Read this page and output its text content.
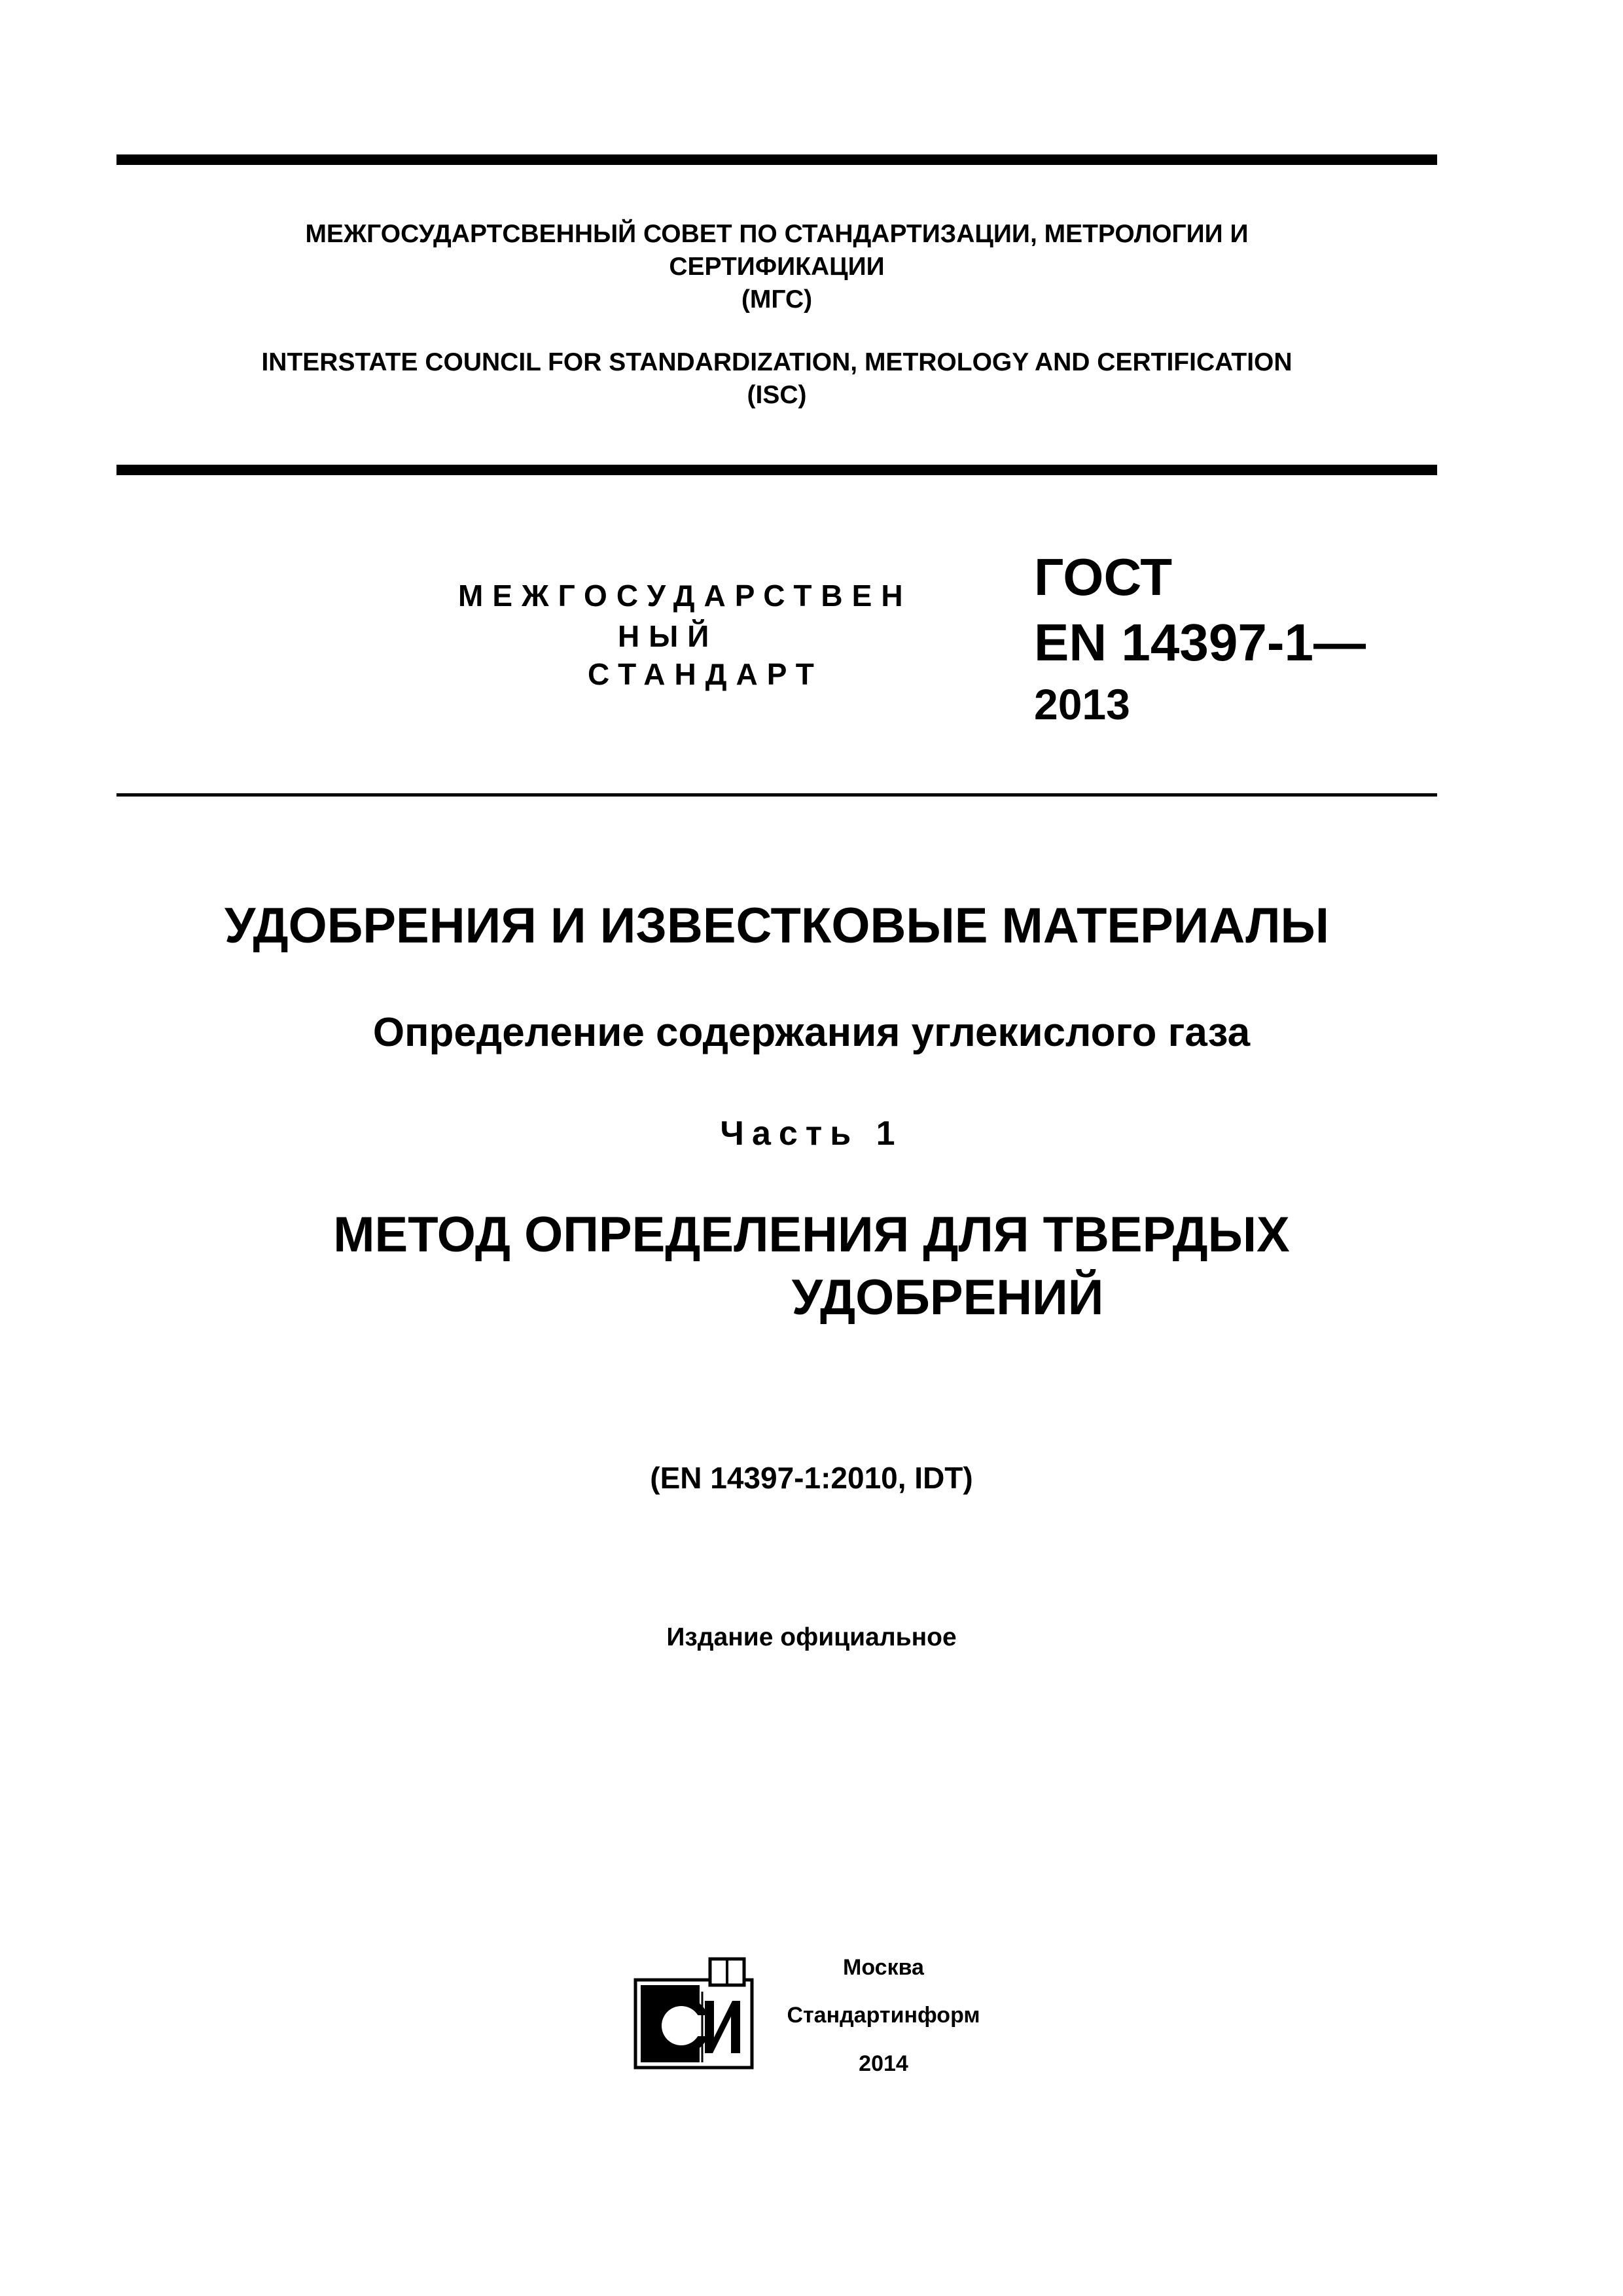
МЕЖГОСУДАРТСВЕННЫЙ СОВЕТ ПО СТАНДАРТИЗАЦИИ, МЕТРОЛОГИИ И
СЕРТИФИКАЦИИ
(МГС)
INTERSTATE COUNCIL FOR STANDARDIZATION, METROLOGY AND CERTIFICATION
(ISC)
МЕЖГОСУДАРСТВЕН
НЫЙ
СТАНДАРТ
ГОСТ
EN 14397-1—
2013
УДОБРЕНИЯ И ИЗВЕСТКОВЫЕ МАТЕРИАЛЫ
Определение содержания углекислого газа
Часть 1
МЕТОД ОПРЕДЕЛЕНИЯ ДЛЯ ТВЕРДЫХ
УДОБРЕНИЙ
(EN 14397-1:2010, IDT)
Издание официальное
Москва
Стандартинформ
2014
